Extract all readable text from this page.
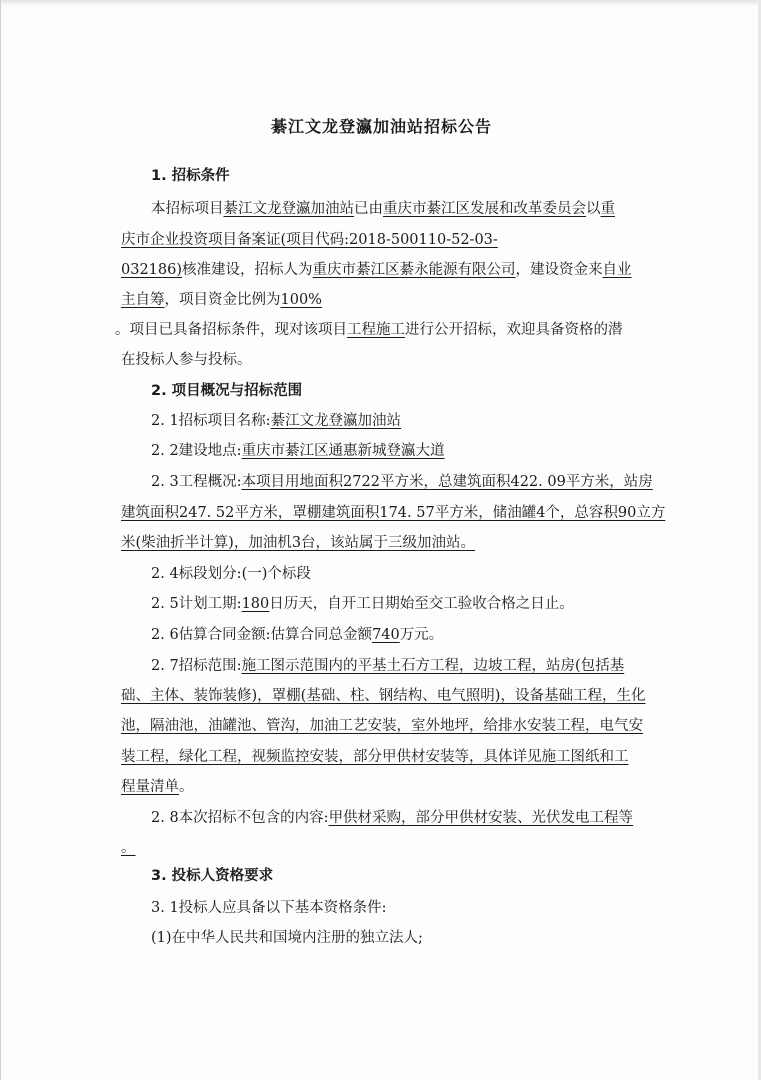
綦江文龙登瀛加油站招标公告
1. 招标条件
本招标项目綦江文龙登瀛加油站已由重庆市綦江区发展和改革委员会以重
庆市企业投资项目备案证(项目代码:2018-500110-52-03-
032186)核准建设，招标人为重庆市綦江区綦永能源有限公司，建设资金来自业
主自筹，项目资金比例为100%
。项目已具备招标条件，现对该项目工程施工进行公开招标，欢迎具备资格的潜
在投标人参与投标。
2. 项目概况与招标范围
2. 1招标项目名称:綦江文龙登瀛加油站
2. 2建设地点:重庆市綦江区通惠新城登瀛大道
2. 3工程概况:本项目用地面积2722平方米，总建筑面积422. 09平方米，站房
建筑面积247. 52平方米，罩棚建筑面积174. 57平方米，储油罐4个，总容积90立方
米(柴油折半计算)，加油机3台，该站属于三级加油站。
2. 4标段划分:(一)个标段
2. 5计划工期:180日历天，自开工日期始至交工验收合格之日止。
2. 6估算合同金额:估算合同总金额740万元。
2. 7招标范围:施工图示范围内的平基土石方工程，边坡工程，站房(包括基
础、主体、装饰装修)，罩棚(基础、柱、钢结构、电气照明)，设备基础工程，生化
池，隔油池，油罐池、管沟，加油工艺安装，室外地坪，给排水安装工程，电气安
装工程，绿化工程，视频监控安装，部分甲供材安装等，具体详见施工图纸和工
程量清单。
2. 8本次招标不包含的内容:甲供材采购，部分甲供材安装、光伏发电工程等
。
3. 投标人资格要求
3. 1投标人应具备以下基本资格条件:
(1)在中华人民共和国境内注册的独立法人;
